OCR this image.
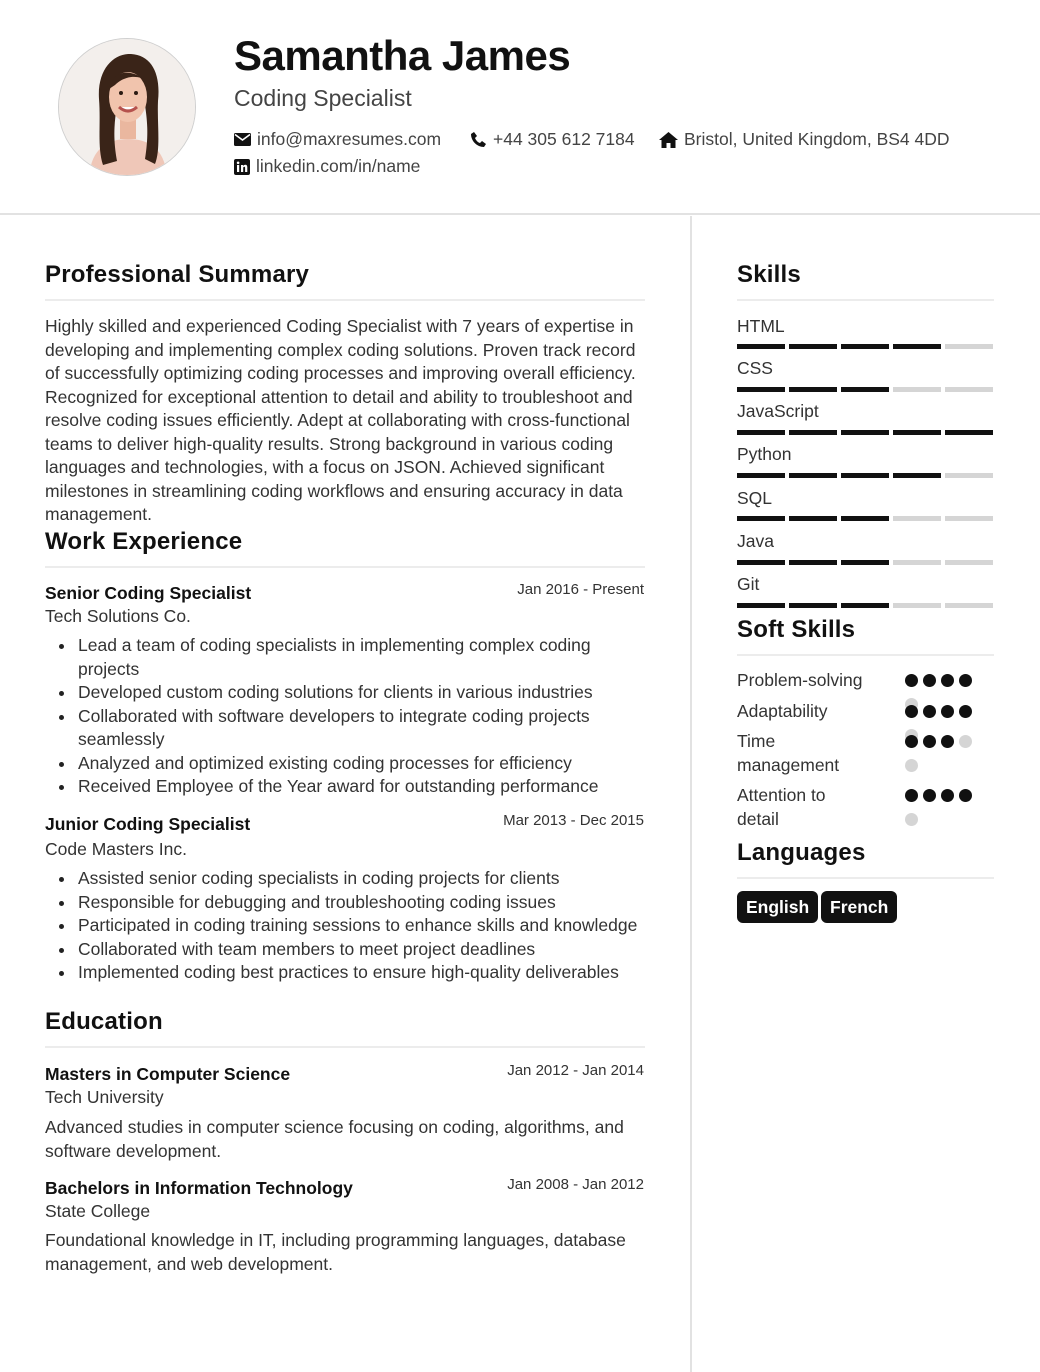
Samantha James
Coding Specialist
info@maxresumes.com	+44 305 612 7184	Bristol, United Kingdom, BS4 4DD
linkedin.com/in/name
Professional Summary
Highly skilled and experienced Coding Specialist with 7 years of expertise in developing and implementing complex coding solutions. Proven track record of successfully optimizing coding processes and improving overall efficiency. Recognized for exceptional attention to detail and ability to troubleshoot and resolve coding issues efficiently. Adept at collaborating with cross-functional teams to deliver high-quality results. Strong background in various coding languages and technologies, with a focus on JSON. Achieved significant milestones in streamlining coding workflows and ensuring accuracy in data management.
Work Experience
Senior Coding Specialist	Jan 2016 - Present
Tech Solutions Co.
Lead a team of coding specialists in implementing complex coding projects
Developed custom coding solutions for clients in various industries
Collaborated with software developers to integrate coding projects seamlessly
Analyzed and optimized existing coding processes for efficiency
Received Employee of the Year award for outstanding performance
Junior Coding Specialist	Mar 2013 - Dec 2015
Code Masters Inc.
Assisted senior coding specialists in coding projects for clients
Responsible for debugging and troubleshooting coding issues
Participated in coding training sessions to enhance skills and knowledge
Collaborated with team members to meet project deadlines
Implemented coding best practices to ensure high-quality deliverables
Education
Masters in Computer Science	Jan 2012 - Jan 2014
Tech University
Advanced studies in computer science focusing on coding, algorithms, and software development.
Bachelors in Information Technology	Jan 2008 - Jan 2012
State College
Foundational knowledge in IT, including programming languages, database management, and web development.
Skills
HTML
CSS
JavaScript
Python
SQL
Java
Git
Soft Skills
Problem-solving
Adaptability
Time management
Attention to detail
Languages
English	French
